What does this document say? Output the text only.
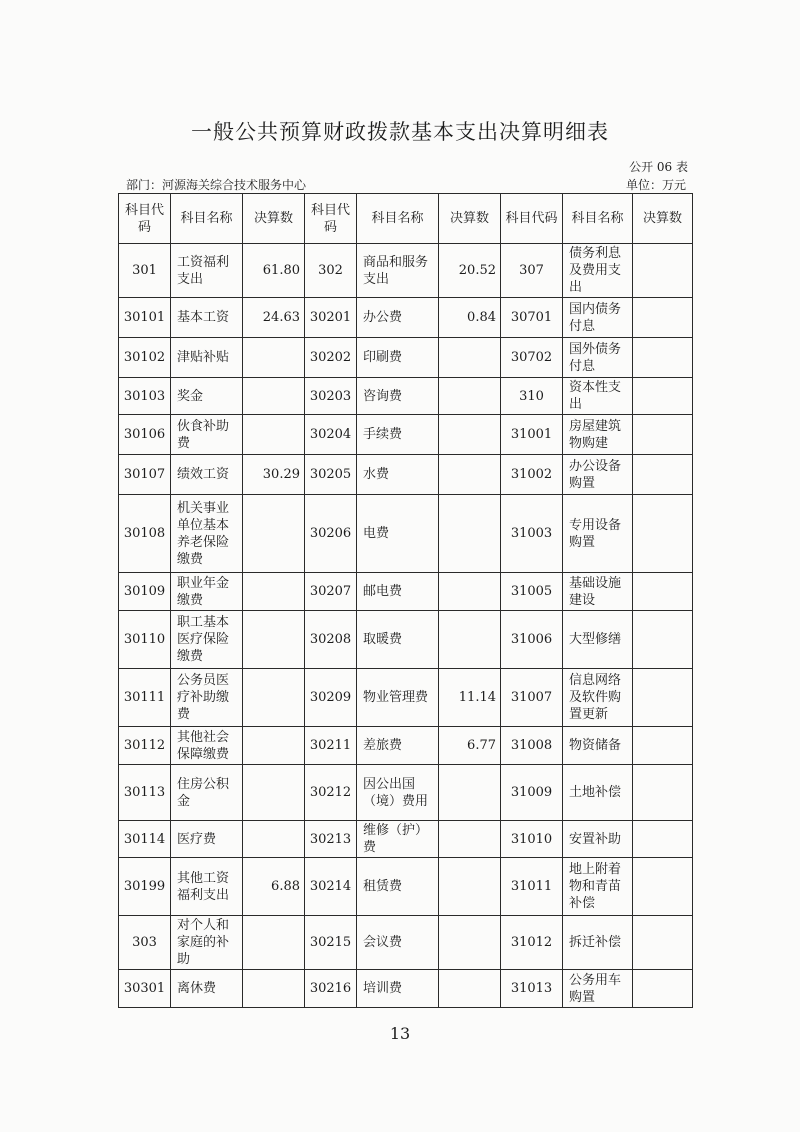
一般公共预算财政拨款基本支出决算明细表
公开 06 表
部门：河源海关综合技术服务中心	单位：万元
科目代码	科目名称	决算数	科目代码	科目名称	决算数	科目代码	科目名称	决算数
301	工资福利支出	61.80	302	商品和服务支出	20.52	307	债务利息及费用支出	
30101	基本工资	24.63	30201	办公费	0.84	30701	国内债务付息	
30102	津贴补贴		30202	印刷费		30702	国外债务付息	
30103	奖金		30203	咨询费		310	资本性支出	
30106	伙食补助费		30204	手续费		31001	房屋建筑物购建	
30107	绩效工资	30.29	30205	水费		31002	办公设备购置	
30108	机关事业单位基本养老保险缴费		30206	电费		31003	专用设备购置	
30109	职业年金缴费		30207	邮电费		31005	基础设施建设	
30110	职工基本医疗保险缴费		30208	取暖费		31006	大型修缮	
30111	公务员医疗补助缴费		30209	物业管理费	11.14	31007	信息网络及软件购置更新	
30112	其他社会保障缴费		30211	差旅费	6.77	31008	物资储备	
30113	住房公积金		30212	因公出国（境）费用		31009	土地补偿	
30114	医疗费		30213	维修（护）费		31010	安置补助	
30199	其他工资福利支出	6.88	30214	租赁费		31011	地上附着物和青苗补偿	
303	对个人和家庭的补助		30215	会议费		31012	拆迁补偿	
30301	离休费		30216	培训费		31013	公务用车购置	
13
